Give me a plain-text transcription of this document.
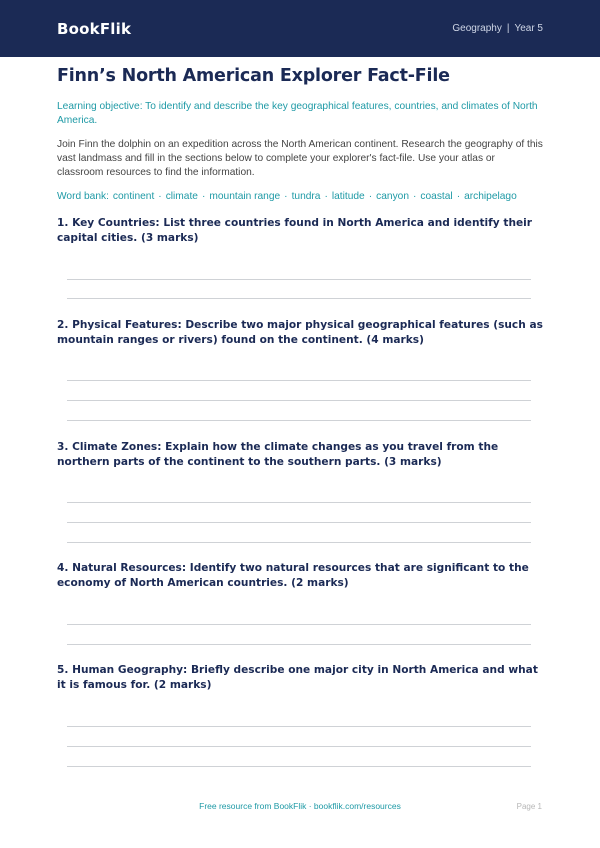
BookFlik	Geography | Year 5
Finn’s North American Explorer Fact-File
Learning objective: To identify and describe the key geographical features, countries, and climates of North America.
Join Finn the dolphin on an expedition across the North American continent. Research the geography of this vast landmass and fill in the sections below to complete your explorer's fact-file. Use your atlas or classroom resources to find the information.
Word bank: continent · climate · mountain range · tundra · latitude · canyon · coastal · archipelago
1. Key Countries: List three countries found in North America and identify their capital cities. (3 marks)
2. Physical Features: Describe two major physical geographical features (such as mountain ranges or rivers) found on the continent. (4 marks)
3. Climate Zones: Explain how the climate changes as you travel from the northern parts of the continent to the southern parts. (3 marks)
4. Natural Resources: Identify two natural resources that are significant to the economy of North American countries. (2 marks)
5. Human Geography: Briefly describe one major city in North America and what it is famous for. (2 marks)
Free resource from BookFlik · bookflik.com/resources	Page 1
